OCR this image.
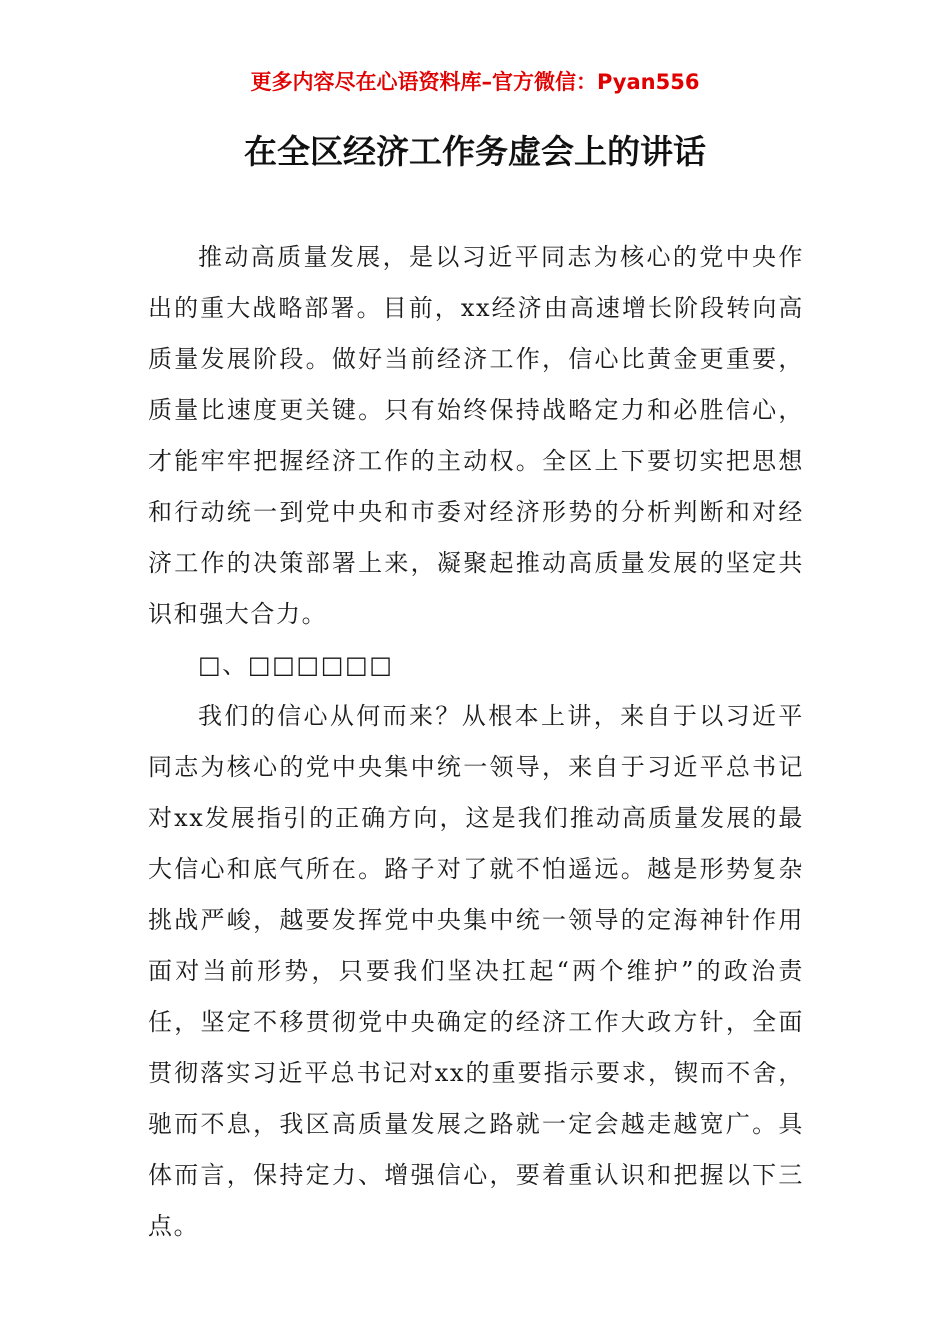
更多内容尽在心语资料库–官方微信：Pyan556
在全区经济工作务虚会上的讲话

推动高质量发展，是以习近平同志为核心的党中央作出的重大战略部署。目前，xx经济由高速增长阶段转向高质量发展阶段。做好当前经济工作，信心比黄金更重要，质量比速度更关键。只有始终保持战略定力和必胜信心，才能牢牢把握经济工作的主动权。全区上下要切实把思想和行动统一到党中央和市委对经济形势的分析判断和对经济工作的决策部署上来，凝聚起推动高质量发展的坚定共识和强大合力。

□、□□□□□□

我们的信心从何而来？从根本上讲，来自于以习近平同志为核心的党中央集中统一领导，来自于习近平总书记对xx发展指引的正确方向，这是我们推动高质量发展的最大信心和底气所在。路子对了就不怕遥远。越是形势复杂挑战严峻，越要发挥党中央集中统一领导的定海神针作用面对当前形势，只要我们坚决扛起“两个维护”的政治责任，坚定不移贯彻党中央确定的经济工作大政方针，全面贯彻落实习近平总书记对xx的重要指示要求，锲而不舍，驰而不息，我区高质量发展之路就一定会越走越宽广。具体而言，保持定力、增强信心，要着重认识和把握以下三点。
